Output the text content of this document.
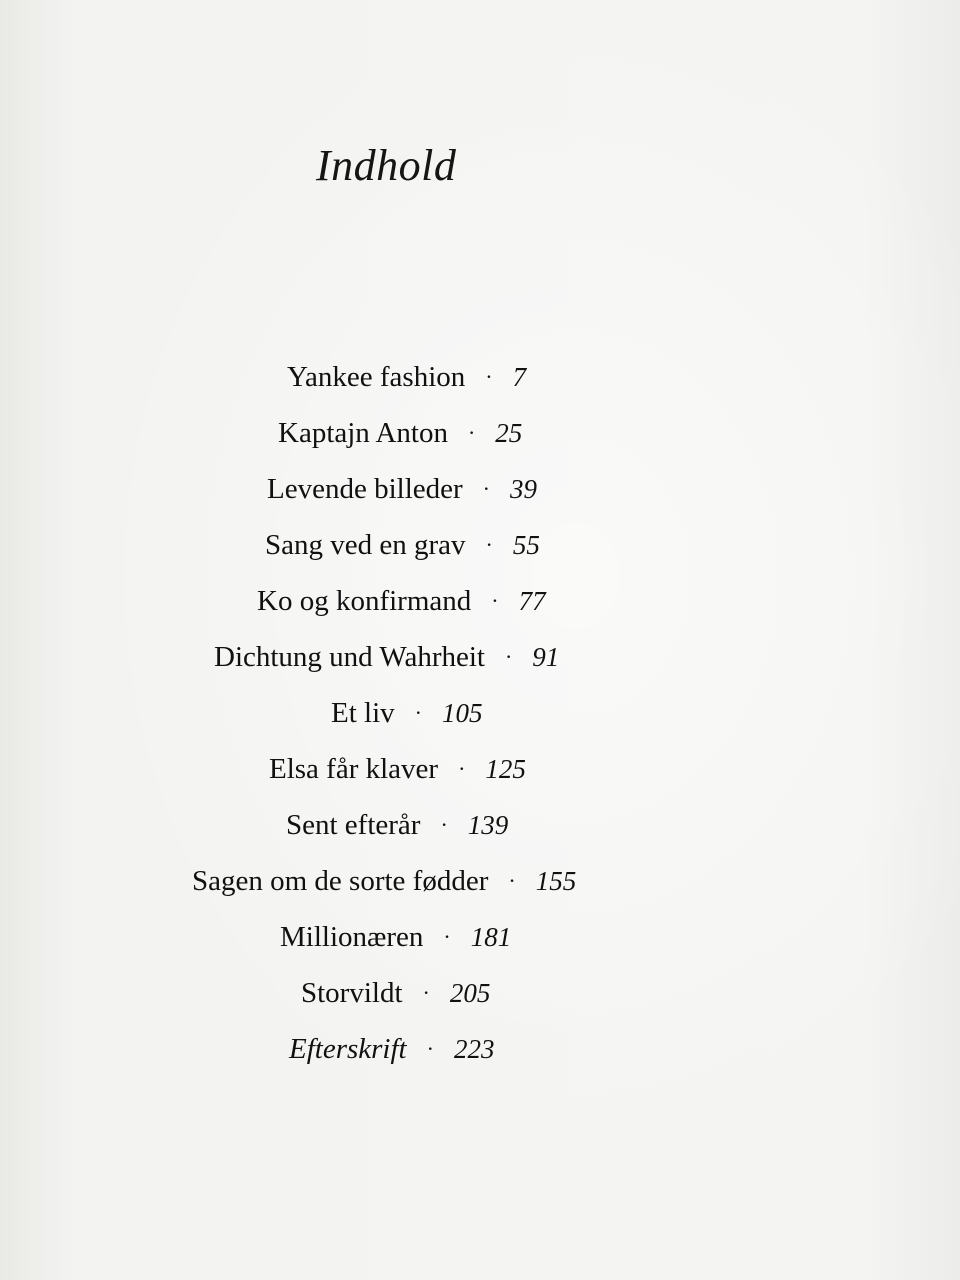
Indhold
Yankee fashion · 7
Kaptajn Anton · 25
Levende billeder · 39
Sang ved en grav · 55
Ko og konfirmand · 77
Dichtung und Wahrheit · 91
Et liv · 105
Elsa får klaver · 125
Sent efterår · 139
Sagen om de sorte fødder · 155
Millionæren · 181
Storvildt · 205
Efterskrift · 223
